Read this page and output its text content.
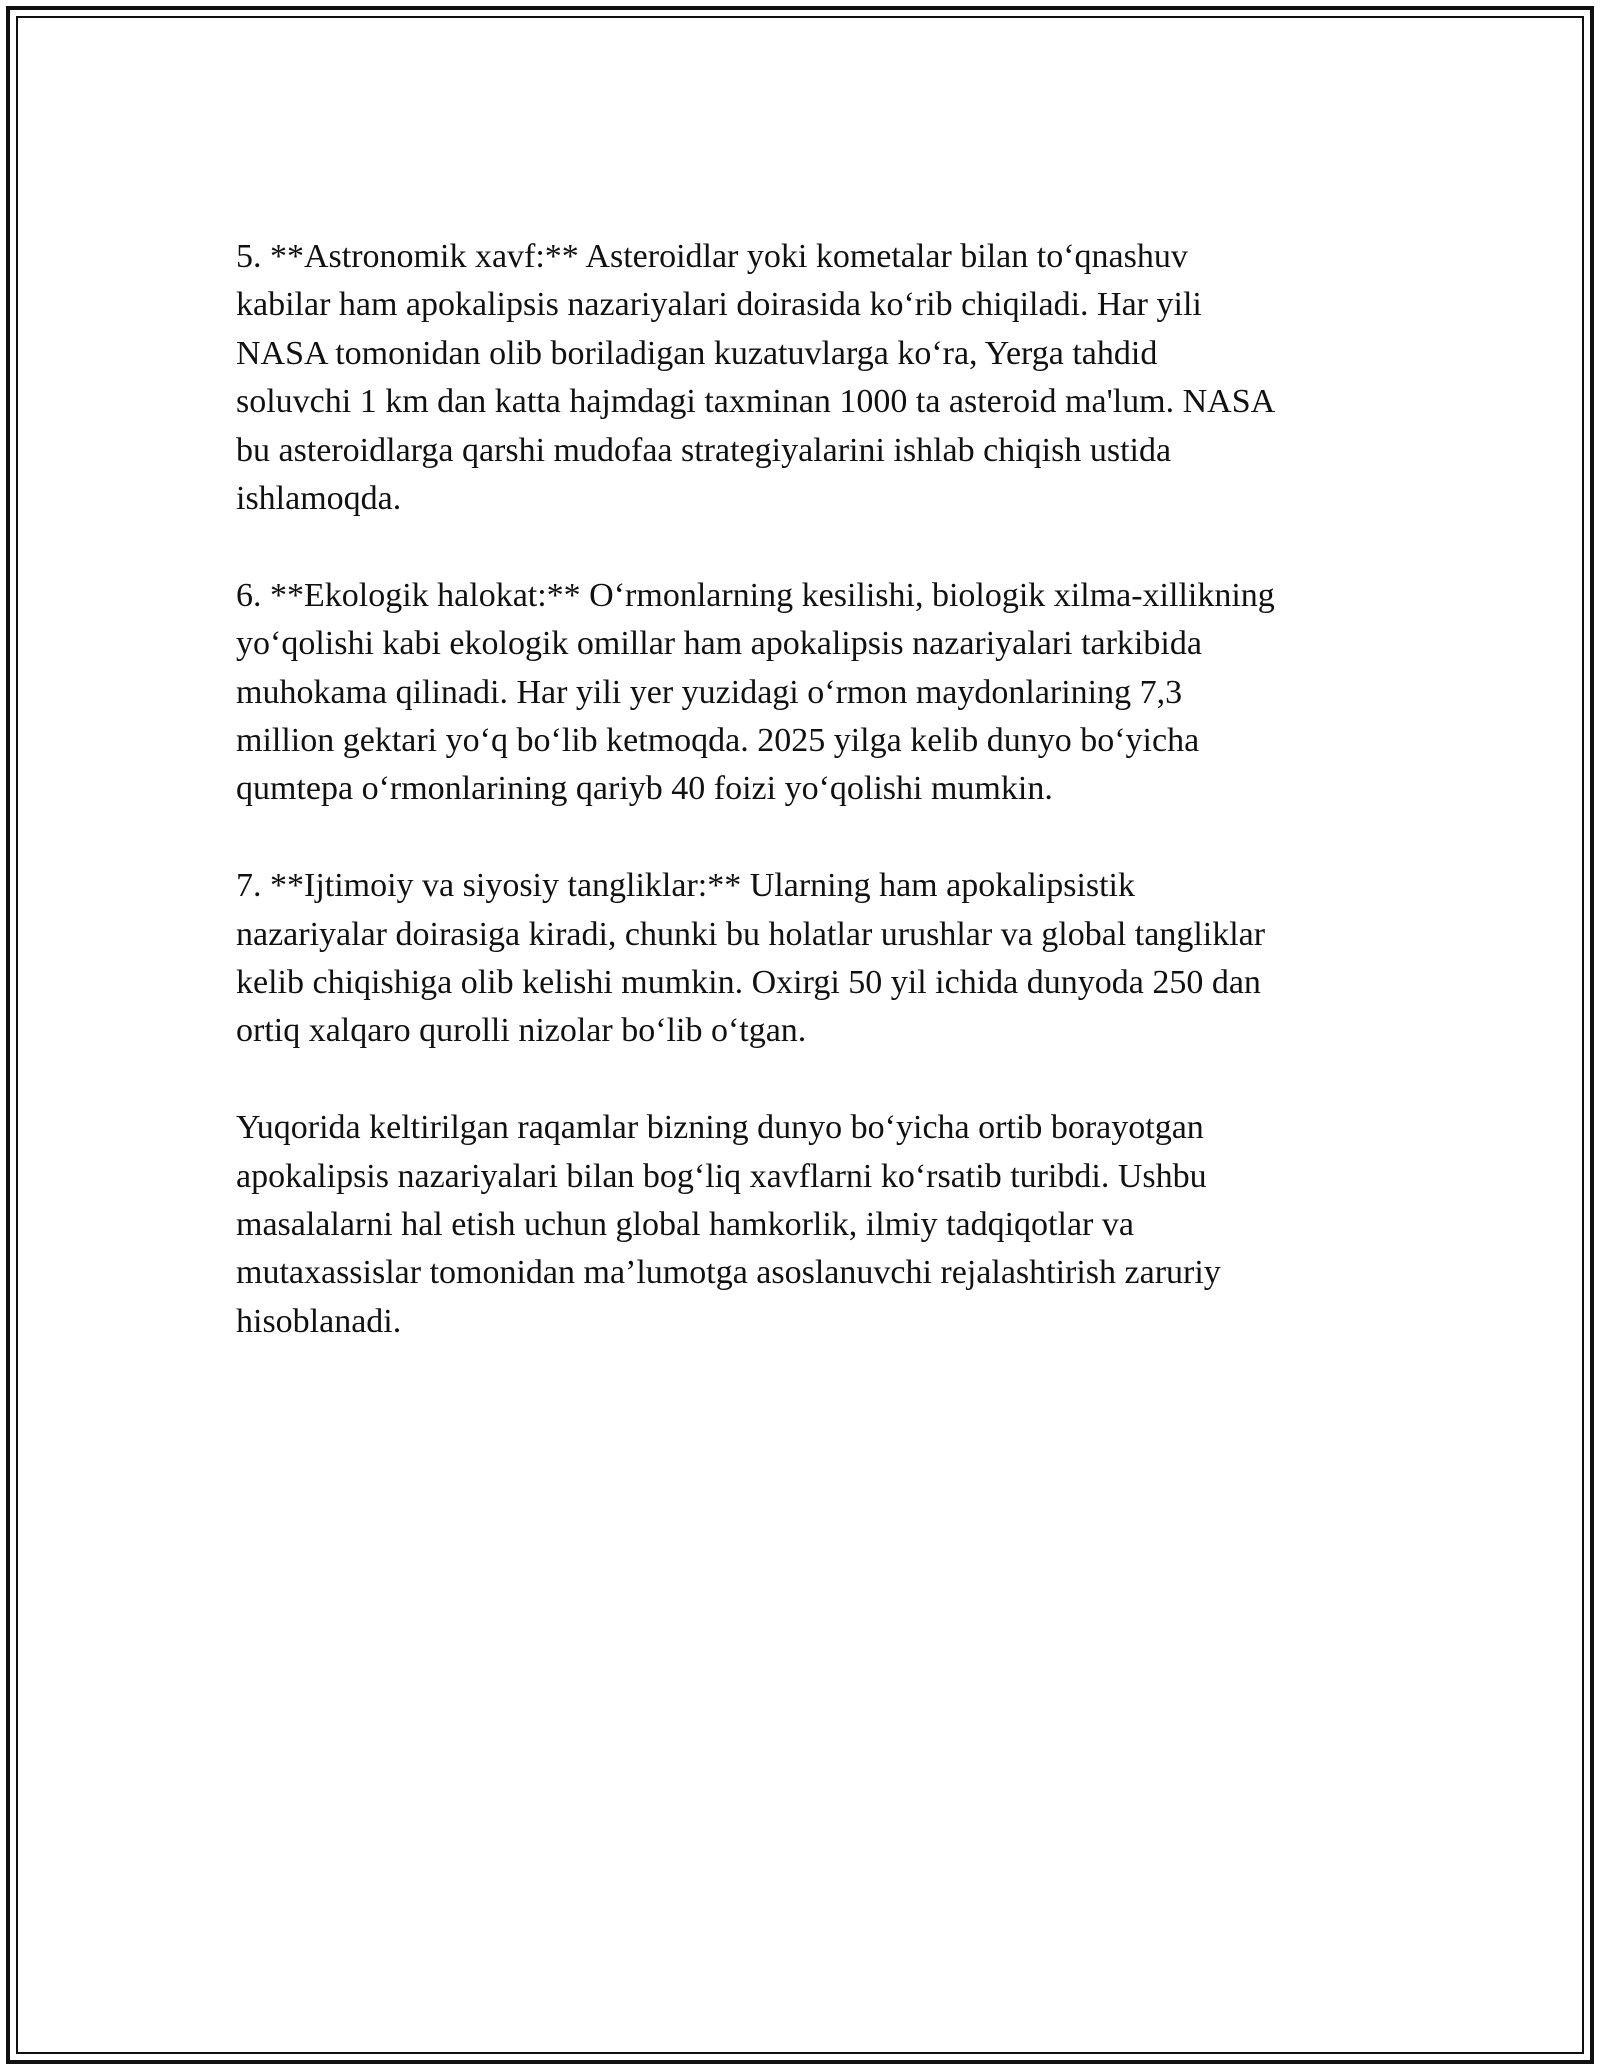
5. **Astronomik xavf:** Asteroidlar yoki kometalar bilan to‘qnashuv
kabilar ham apokalipsis nazariyalari doirasida ko‘rib chiqiladi. Har yili
NASA tomonidan olib boriladigan kuzatuvlarga ko‘ra, Yerga tahdid
soluvchi 1 km dan katta hajmdagi taxminan 1000 ta asteroid ma'lum. NASA
bu asteroidlarga qarshi mudofaa strategiyalarini ishlab chiqish ustida
ishlamoqda.

6. **Ekologik halokat:** O‘rmonlarning kesilishi, biologik xilma-xillikning
yo‘qolishi kabi ekologik omillar ham apokalipsis nazariyalari tarkibida
muhokama qilinadi. Har yili yer yuzidagi o‘rmon maydonlarining 7,3
million gektari yo‘q bo‘lib ketmoqda. 2025 yilga kelib dunyo bo‘yicha
qumtepa o‘rmonlarining qariyb 40 foizi yo‘qolishi mumkin.

7. **Ijtimoiy va siyosiy tangliklar:** Ularning ham apokalipsistik
nazariyalar doirasiga kiradi, chunki bu holatlar urushlar va global tangliklar
kelib chiqishiga olib kelishi mumkin. Oxirgi 50 yil ichida dunyoda 250 dan
ortiq xalqaro qurolli nizolar bo‘lib o‘tgan.

Yuqorida keltirilgan raqamlar bizning dunyo bo‘yicha ortib borayotgan
apokalipsis nazariyalari bilan bog‘liq xavflarni ko‘rsatib turibdi. Ushbu
masalalarni hal etish uchun global hamkorlik, ilmiy tadqiqotlar va
mutaxassislar tomonidan ma’lumotga asoslanuvchi rejalashtirish zaruriy
hisoblanadi.
